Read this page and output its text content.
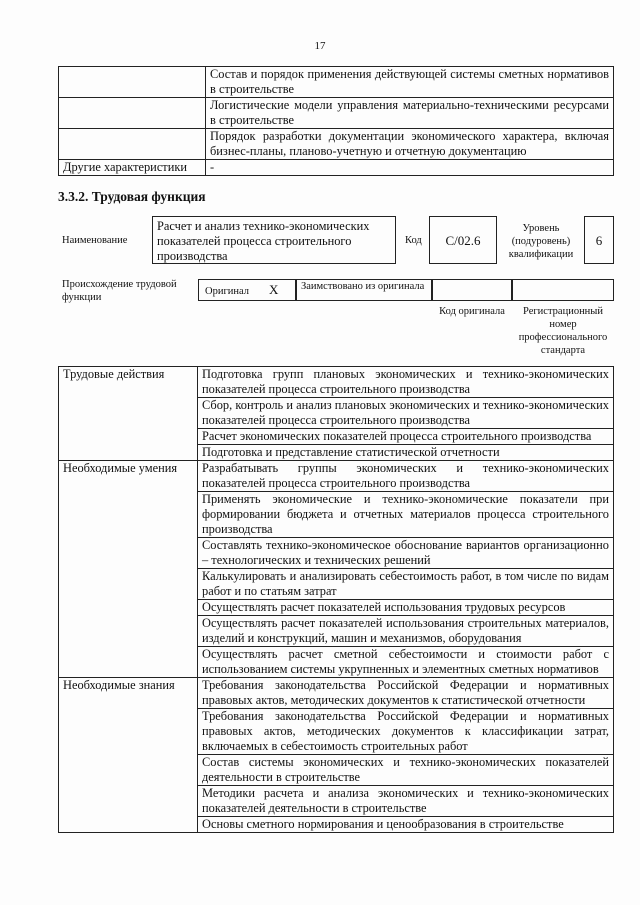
17
	Состав и порядок применения действующей системы сметных нормативов в строительстве
	Логистические модели управления материально-техническими ресурсами в строительстве
	Порядок разработки документации экономического характера, включая бизнес-планы, планово-учетную и отчетную документацию
Другие характеристики	-
3.3.2. Трудовая функция
Наименование
Расчет и анализ технико-экономических показателей процесса строительного производства
Код	C/02.6
Уровень (подуровень) квалификации
6
Происхождение трудовой функции
Оригинал X	Заимствовано из оригинала
Код оригинала	Регистрационный номер профессионального стандарта
Трудовые действия	Подготовка групп плановых экономических и технико-экономических показателей процесса строительного производства
	Сбор, контроль и анализ плановых экономических и технико-экономических показателей процесса строительного производства
	Расчет экономических показателей процесса строительного производства
	Подготовка и представление статистической отчетности
Необходимые умения	Разрабатывать группы экономических и технико-экономических показателей процесса строительного производства
	Применять экономические и технико-экономические показатели при формировании бюджета и отчетных материалов процесса строительного производства
	Составлять технико-экономическое обоснование вариантов организационно – технологических и технических решений
	Калькулировать и анализировать себестоимость работ, в том числе по видам работ и по статьям затрат
	Осуществлять расчет показателей использования трудовых ресурсов
	Осуществлять расчет показателей использования строительных материалов, изделий и конструкций, машин и механизмов, оборудования
	Осуществлять расчет сметной себестоимости и стоимости работ с использованием системы укрупненных и элементных сметных нормативов
Необходимые знания	Требования законодательства Российской Федерации и нормативных правовых актов, методических документов к статистической отчетности
	Требования законодательства Российской Федерации и нормативных правовых актов, методических документов к классификации затрат, включаемых в себестоимость строительных работ
	Состав системы экономических и технико-экономических показателей деятельности в строительстве
	Методики расчета и анализа экономических и технико-экономических показателей деятельности в строительстве
	Основы сметного нормирования и ценообразования в строительстве
